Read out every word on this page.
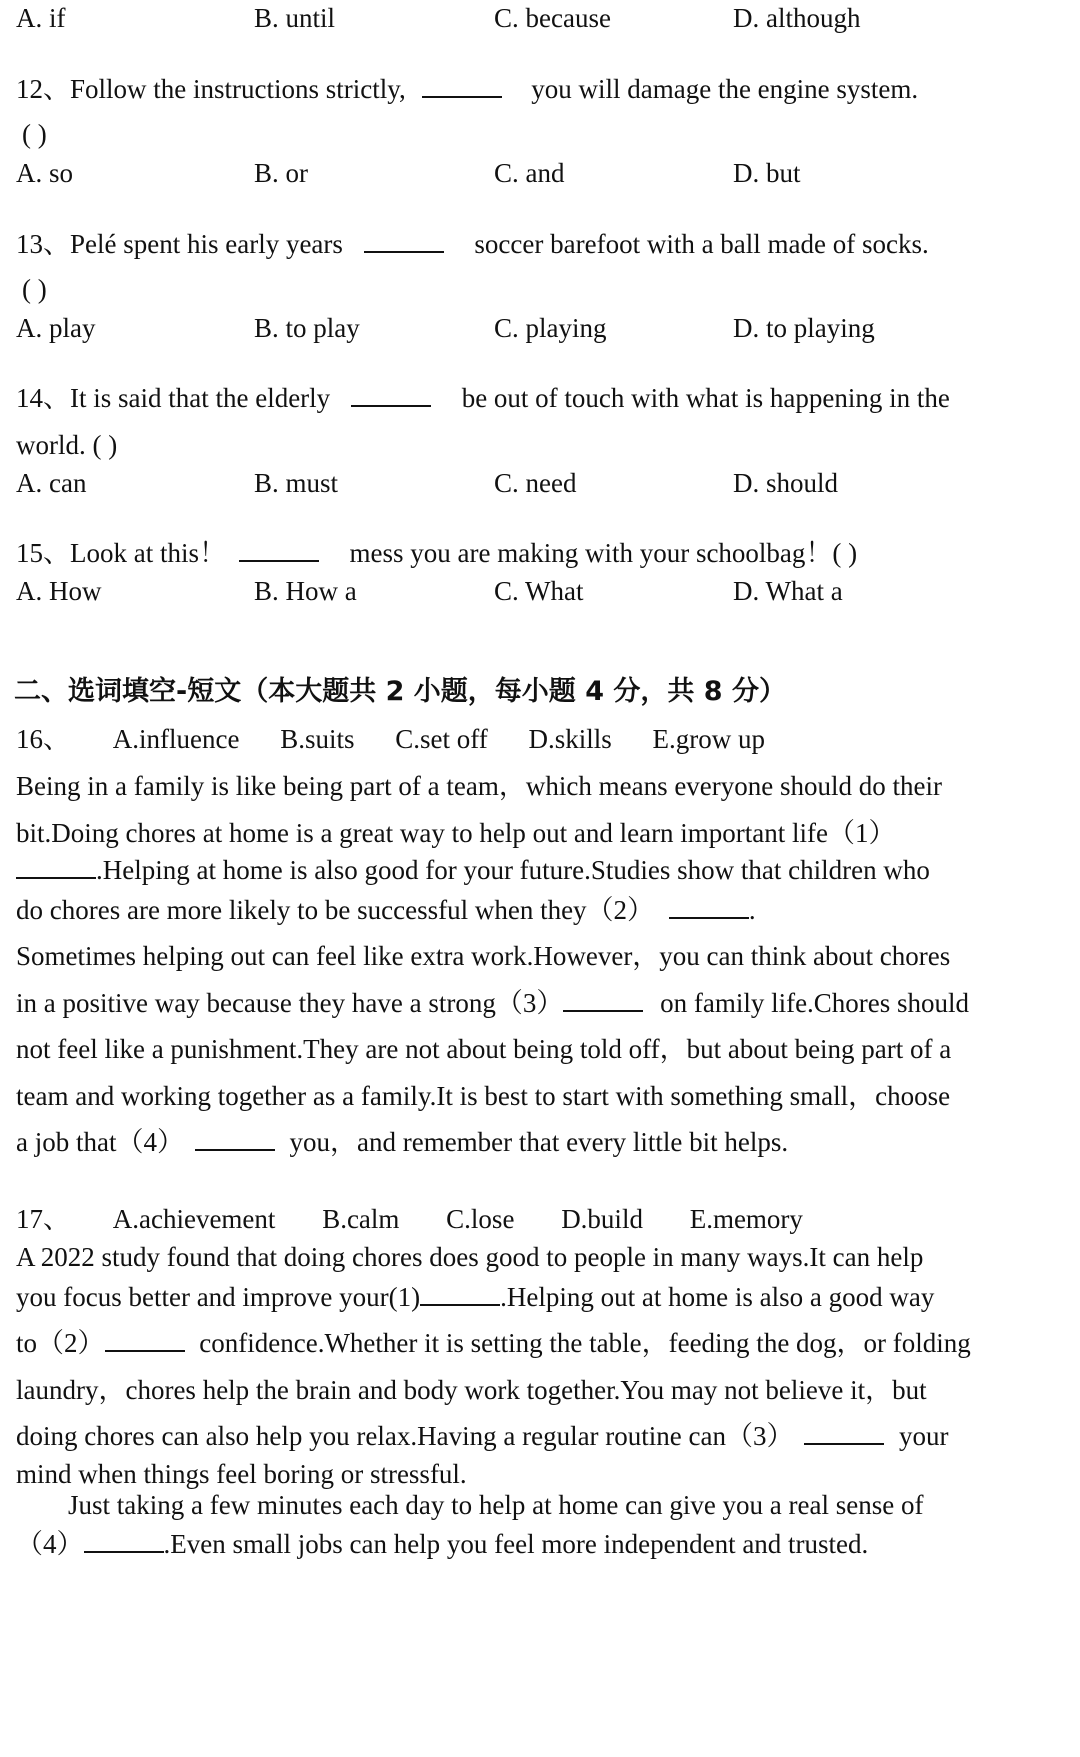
A. if	B. until	C. because	D. although
12、Follow the instructions strictly,	you will damage the engine system.
( )
A. so	B. or	C. and	D. but
13、Pelé spent his early years	soccer barefoot with a ball made of socks.
( )
A. play	B. to play	C. playing	D. to playing
14、It is said that the elderly	be out of touch with what is happening in the
world. ( )
A. can	B. must	C. need	D. should
15、Look at this！	mess you are making with your schoolbag！( )
A. How	B. How a	C. What	D. What a
二、选词填空-短文（本大题共 2 小题，每小题 4 分，共 8 分）
16、 A.influence B.suits C.set off D.skills E.grow up
Being in a family is like being part of a team，which means everyone should do their
bit.Doing chores at home is a great way to help out and learn important life（1）
.Helping at home is also good for your future.Studies show that children who
do chores are more likely to be successful when they（2）	.
Sometimes helping out can feel like extra work.However，you can think about chores
in a positive way because they have a strong（3）	on family life.Chores should
not feel like a punishment.They are not about being told off，but about being part of a
team and working together as a family.It is best to start with something small，choose
a job that（4）	you，and remember that every little bit helps.
17、 A.achievement B.calm C.lose D.build E.memory
A 2022 study found that doing chores does good to people in many ways.It can help
you focus better and improve your(1)	.Helping out at home is also a good way
to（2）	confidence.Whether it is setting the table，feeding the dog，or folding
laundry，chores help the brain and body work together.You may not believe it，but
doing chores can also help you relax.Having a regular routine can（3）	your
mind when things feel boring or stressful.
Just taking a few minutes each day to help at home can give you a real sense of
（4）	.Even small jobs can help you feel more independent and trusted.
